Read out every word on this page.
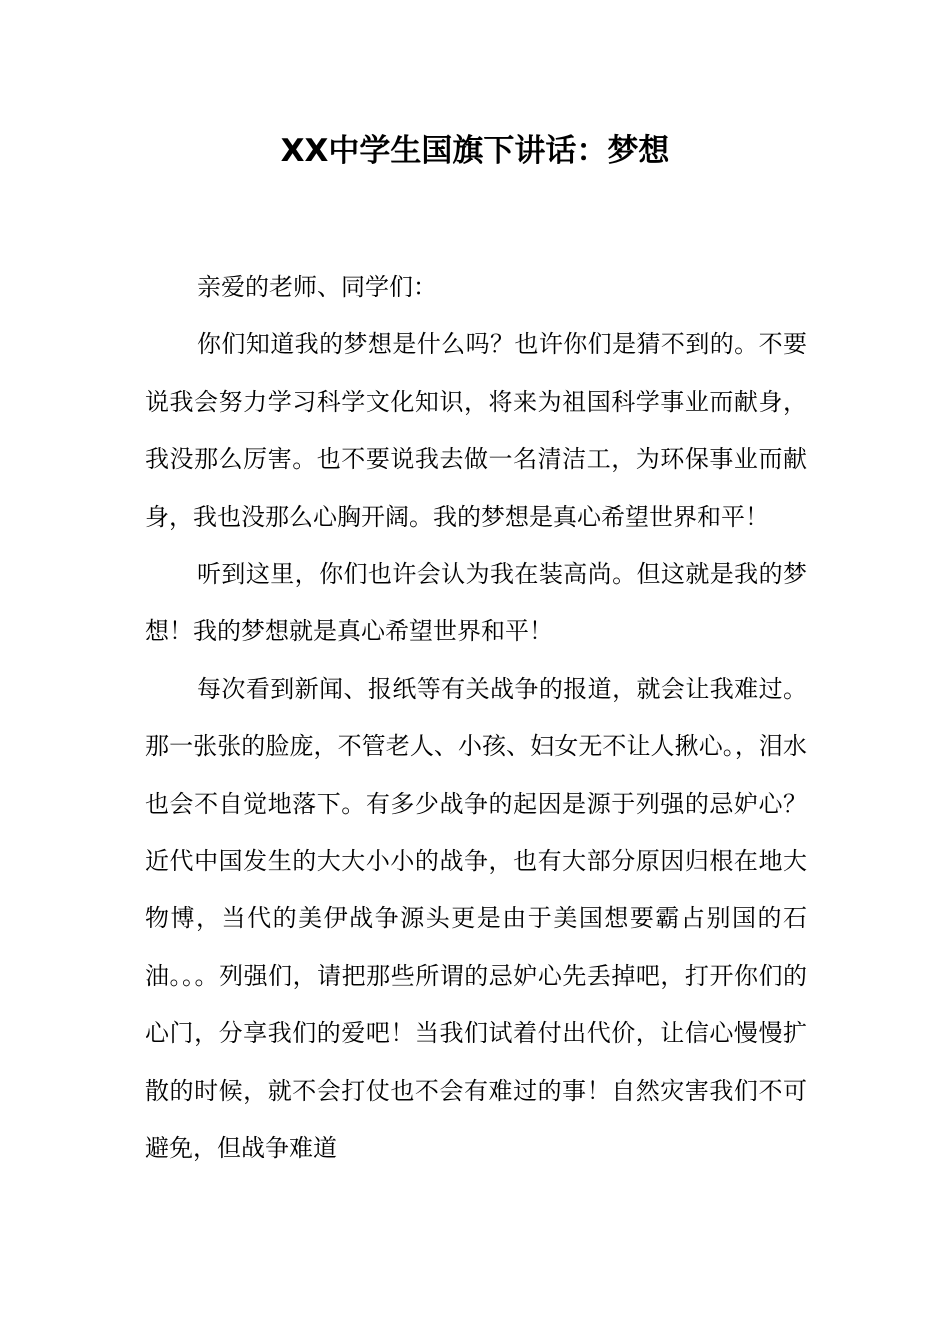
XX中学生国旗下讲话：梦想

亲爱的老师、同学们：

你们知道我的梦想是什么吗？也许你们是猜不到的。不要说我会努力学习科学文化知识，将来为祖国科学事业而献身，我没那么厉害。也不要说我去做一名清洁工，为环保事业而献身，我也没那么心胸开阔。我的梦想是真心希望世界和平！

听到这里，你们也许会认为我在装高尚。但这就是我的梦想！我的梦想就是真心希望世界和平！

每次看到新闻、报纸等有关战争的报道，就会让我难过。那一张张的脸庞，不管老人、小孩、妇女无不让人揪心。，泪水也会不自觉地落下。有多少战争的起因是源于列强的忌妒心？近代中国发生的大大小小的战争，也有大部分原因归根在地大物博，当代的美伊战争源头更是由于美国想要霸占别国的石油。。。列强们，请把那些所谓的忌妒心先丢掉吧，打开你们的心门，分享我们的爱吧！当我们试着付出代价，让信心慢慢扩散的时候，就不会打仗也不会有难过的事！自然灾害我们不可避免，但战争难道
